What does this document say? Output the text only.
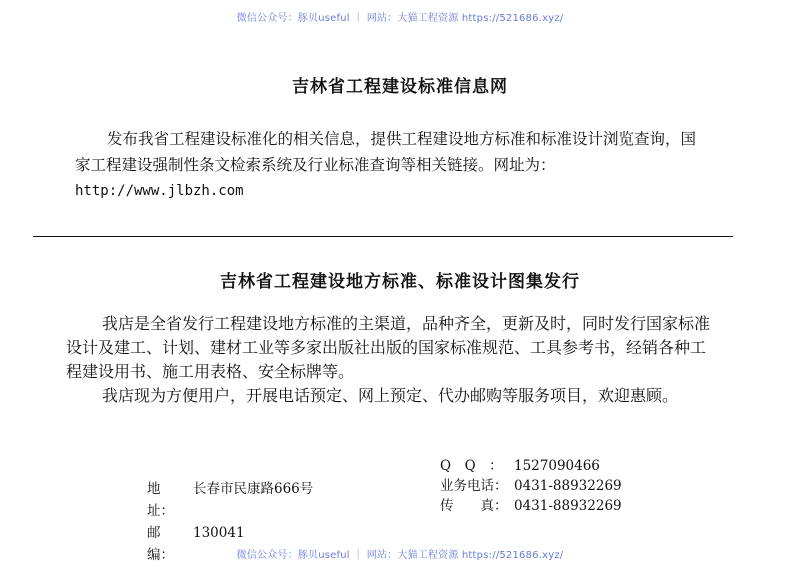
微信公众号：豚贝useful ｜ 网站：大猫工程资源 https://521686.xyz/
吉林省工程建设标准信息网
发布我省工程建设标准化的相关信息，提供工程建设地方标准和标准设计浏览查询，国
家工程建设强制性条文检索系统及行业标准查询等相关链接。网址为：
http://www.jlbzh.com
吉林省工程建设地方标准、标准设计图集发行
我店是全省发行工程建设地方标准的主渠道，品种齐全，更新及时，同时发行国家标准
设计及建工、计划、建材工业等多家出版社出版的国家标准规范、工具参考书，经销各种工
程建设用书、施工用表格、安全标牌等。
我店现为方便用户，开展电话预定、网上预定、代办邮购等服务项目，欢迎惠顾。
地　址：
长春市民康路666号
邮　编：
130041
Q　Q　： 1527090466
业务电话： 0431-88932269
传　　真： 0431-88932269
微信公众号：豚贝useful ｜ 网站：大猫工程资源 https://521686.xyz/
